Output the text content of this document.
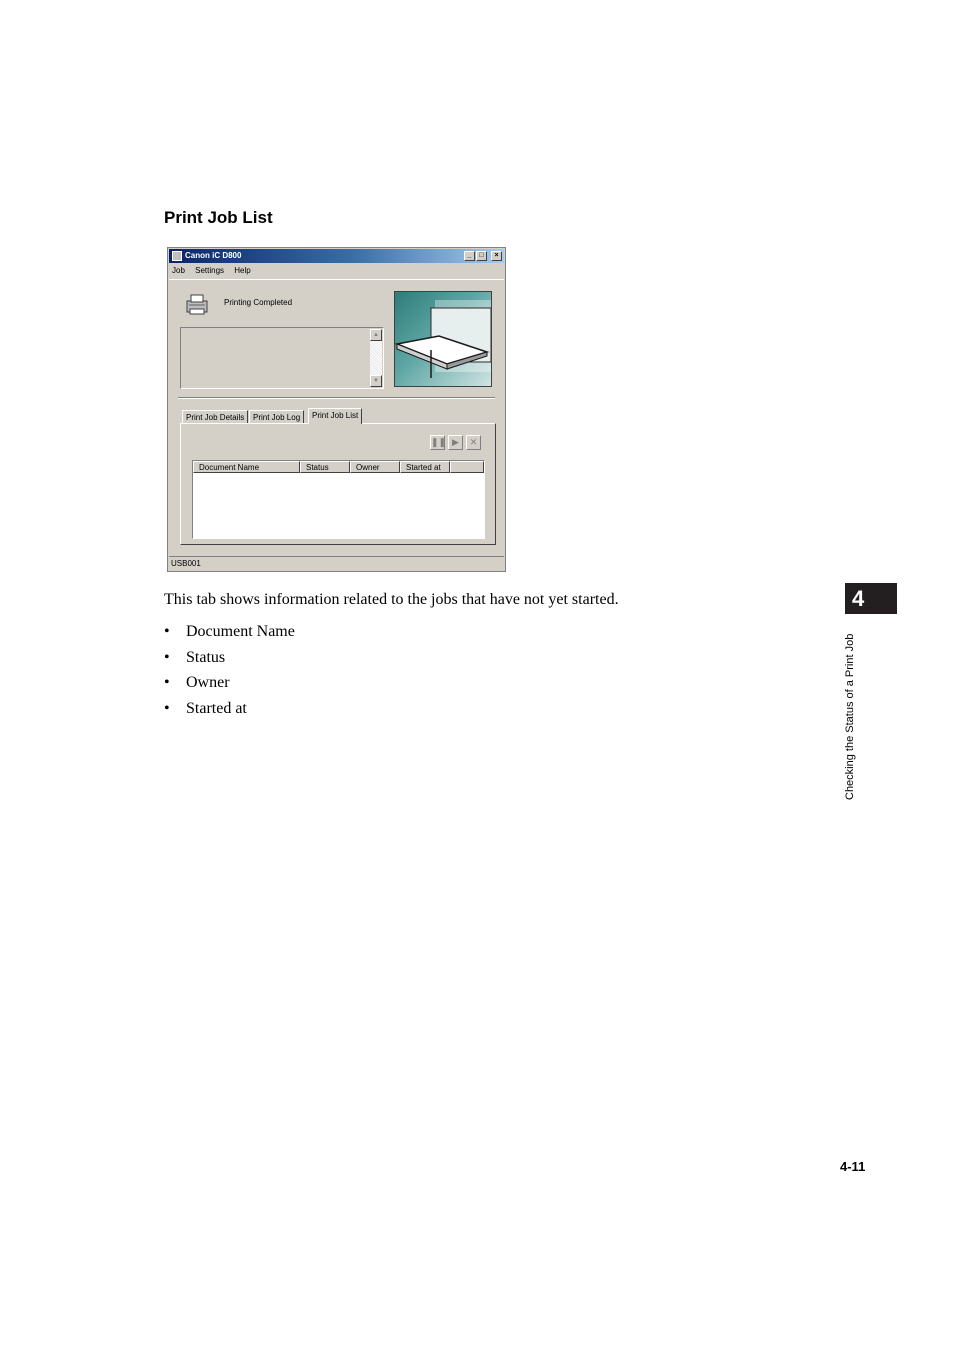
Print Job List
Canon iC D800	_	□	×
Job Settings Help
Printing Completed
▲
▼
Print Job Details	Print Job Log	Print Job List
❚❚ ▶	✕
Document Name	Status	Owner	Started at
USB001
This tab shows information related to the jobs that have not yet started.
• Document Name
• Status
• Owner
• Started at
4
Checking the Status of a Print Job
4-11
